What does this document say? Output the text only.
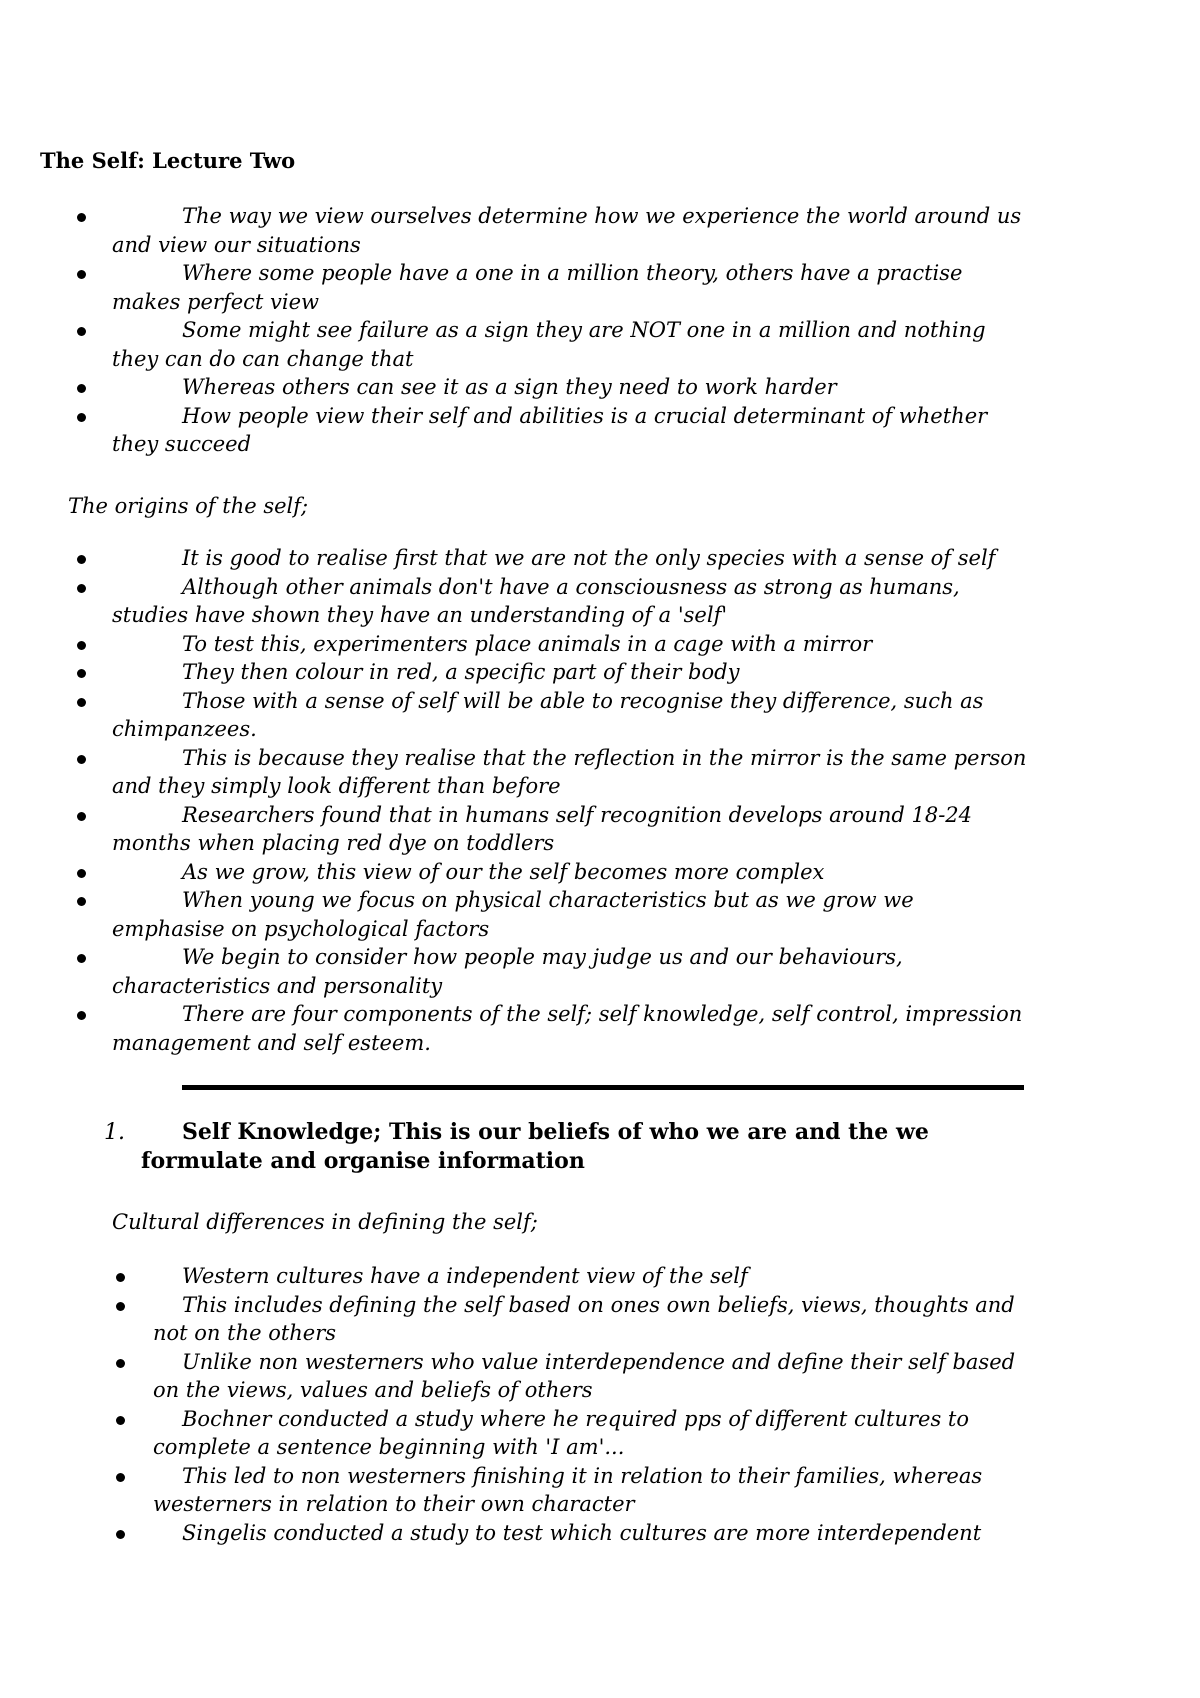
The Self: Lecture Two
The way we view ourselves determine how we experience the world around us and view our situations
Where some people have a one in a million theory, others have a practise makes perfect view
Some might see failure as a sign they are NOT one in a million and nothing they can do can change that
Whereas others can see it as a sign they need to work harder
How people view their self and abilities is a crucial determinant of whether they succeed
The origins of the self;
It is good to realise first that we are not the only species with a sense of self
Although other animals don't have a consciousness as strong as humans, studies have shown they have an understanding of a 'self'
To test this, experimenters place animals in a cage with a mirror
They then colour in red, a specific part of their body
Those with a sense of self will be able to recognise they difference, such as chimpanzees.
This is because they realise that the reflection in the mirror is the same person and they simply look different than before
Researchers found that in humans self recognition develops around 18-24 months when placing red dye on toddlers
As we grow, this view of our the self becomes more complex
When young we focus on physical characteristics but as we grow we emphasise on psychological factors
We begin to consider how people may judge us and our behaviours, characteristics and personality
There are four components of the self; self knowledge, self control, impression management and self esteem.
1.	Self Knowledge; This is our beliefs of who we are and the we formulate and organise information
Cultural differences in defining the self;
Western cultures have a independent view of the self
This includes defining the self based on ones own beliefs, views, thoughts and not on the others
Unlike non westerners who value interdependence and define their self based on the views, values and beliefs of others
Bochner conducted a study where he required pps of different cultures to complete a sentence beginning with 'I am'...
This led to non westerners finishing it in relation to their families, whereas westerners in relation to their own character
Singelis conducted a study to test which cultures are more interdependent
